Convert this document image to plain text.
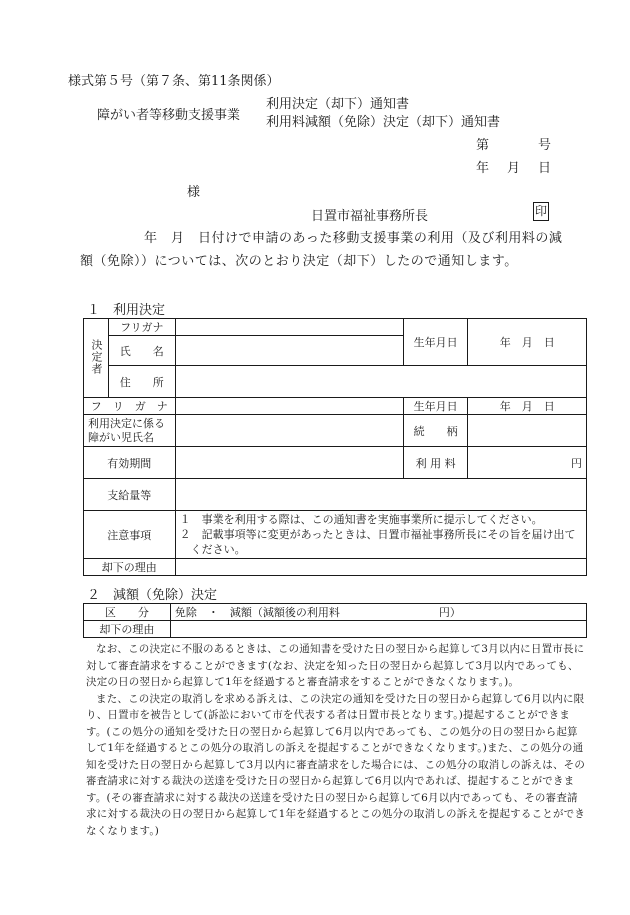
様式第５号（第７条、第11条関係）
障がい者等移動支援事業
利用決定（却下）通知書
利用料減額（免除）決定（却下）通知書
第	号
年 月 日
様
日置市福祉事務所長	印
年　月　日付けで申請のあった移動支援事業の利用（及び利用料の減額（免除））については、次のとおり決定（却下）したので通知します。
１　利用決定
決定者	フリガナ		生年月日	年　月　日
	氏　　名			
	住　　所			
フ　リ　ガ　ナ			生年月日	年　月　日
利用決定に係る障がい児氏名			続　　柄	
有効期間			利 用 料	円
支給量等				
注意事項		１　事業を利用する際は、この通知書を実施事業所に提示してください。
２　記載事項等に変更があったときは、日置市福祉事務所長にその旨を届け出てください。		

却下の理由				
２　減額（免除）決定
区　　分	免除　・　減額（減額後の利用料　　　　　　　　　円）
却下の理由	

なお、この決定に不服のあるときは、この通知書を受けた日の翌日から起算して3月以内に日置市長に対して審査請求をすることができます(なお、決定を知った日の翌日から起算して3月以内であっても、決定の日の翌日から起算して1年を経過すると審査請求をすることができなくなります。)。

また、この決定の取消しを求める訴えは、この決定の通知を受けた日の翌日から起算して6月以内に限り、日置市を被告として(訴訟において市を代表する者は日置市長となります。)提起することができます。(この処分の通知を受けた日の翌日から起算して6月以内であっても、この処分の日の翌日から起算して1年を経過するとこの処分の取消しの訴えを提起することができなくなります。)また、この処分の通知を受けた日の翌日から起算して3月以内に審査請求をした場合には、この処分の取消しの訴えは、その審査請求に対する裁決の送達を受けた日の翌日から起算して6月以内であれば、提起することができます。(その審査請求に対する裁決の送達を受けた日の翌日から起算して6月以内であっても、その審査請求に対する裁決の日の翌日から起算して1年を経過するとこの処分の取消しの訴えを提起することができなくなります。)
